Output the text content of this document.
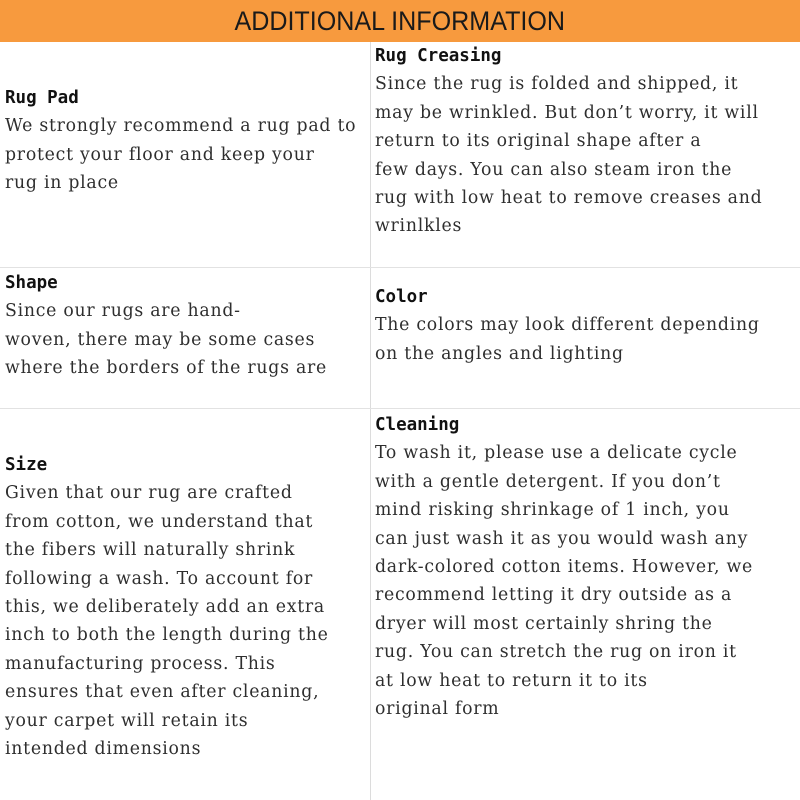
ADDITIONAL INFORMATION
Rug Pad
We strongly recommend a rug pad to
protect your floor and keep your
rug in place
Rug Creasing
Since the rug is folded and shipped, it
may be wrinkled. But don’t worry, it will
return to its original shape after a
few days. You can also steam iron the
rug with low heat to remove creases and
wrinlkles
Shape
Since our rugs are hand-
woven, there may be some cases
where the borders of the rugs are
Color
The colors may look different depending
on the angles and lighting
Size
Given that our rug are crafted
from cotton, we understand that
the fibers will naturally shrink
following a wash. To account for
this, we deliberately add an extra
inch to both the length during the
manufacturing process. This
ensures that even after cleaning,
your carpet will retain its
intended dimensions
Cleaning
To wash it, please use a delicate cycle
with a gentle detergent. If you don’t
mind risking shrinkage of 1 inch, you
can just wash it as you would wash any
dark-colored cotton items. However, we
recommend letting it dry outside as a
dryer will most certainly shring the
rug. You can stretch the rug on iron it
at low heat to return it to its
original form
